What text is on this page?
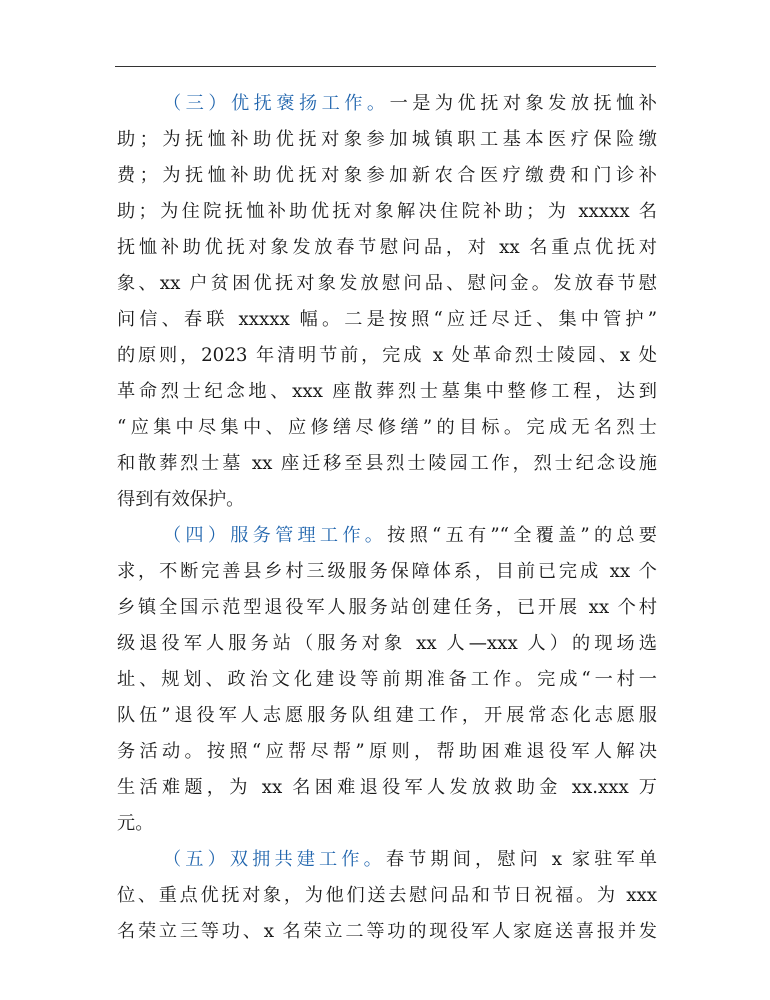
（三）优抚褒扬工作。一是为优抚对象发放抚恤补
助；为抚恤补助优抚对象参加城镇职工基本医疗保险缴
费；为抚恤补助优抚对象参加新农合医疗缴费和门诊补
助；为住院抚恤补助优抚对象解决住院补助；为 xxxxx 名
抚恤补助优抚对象发放春节慰问品，对 xx 名重点优抚对
象、xx 户贫困优抚对象发放慰问品、慰问金。发放春节慰
问信、春联 xxxxx 幅。二是按照“应迁尽迁、集中管护”
的原则，2023 年清明节前，完成 x 处革命烈士陵园、x 处
革命烈士纪念地、xxx 座散葬烈士墓集中整修工程，达到
“应集中尽集中、应修缮尽修缮”的目标。完成无名烈士
和散葬烈士墓 xx 座迁移至县烈士陵园工作，烈士纪念设施
得到有效保护。
（四）服务管理工作。按照“五有”“全覆盖”的总要
求，不断完善县乡村三级服务保障体系，目前已完成 xx 个
乡镇全国示范型退役军人服务站创建任务，已开展 xx 个村
级退役军人服务站（服务对象 xx 人—xxx 人）的现场选
址、规划、政治文化建设等前期准备工作。完成“一村一
队伍”退役军人志愿服务队组建工作，开展常态化志愿服
务活动。按照“应帮尽帮”原则，帮助困难退役军人解决
生活难题，为 xx 名困难退役军人发放救助金 xx.xxx 万
元。
（五）双拥共建工作。春节期间，慰问 x 家驻军单
位、重点优抚对象，为他们送去慰问品和节日祝福。为 xxx
名荣立三等功、x 名荣立二等功的现役军人家庭送喜报并发
